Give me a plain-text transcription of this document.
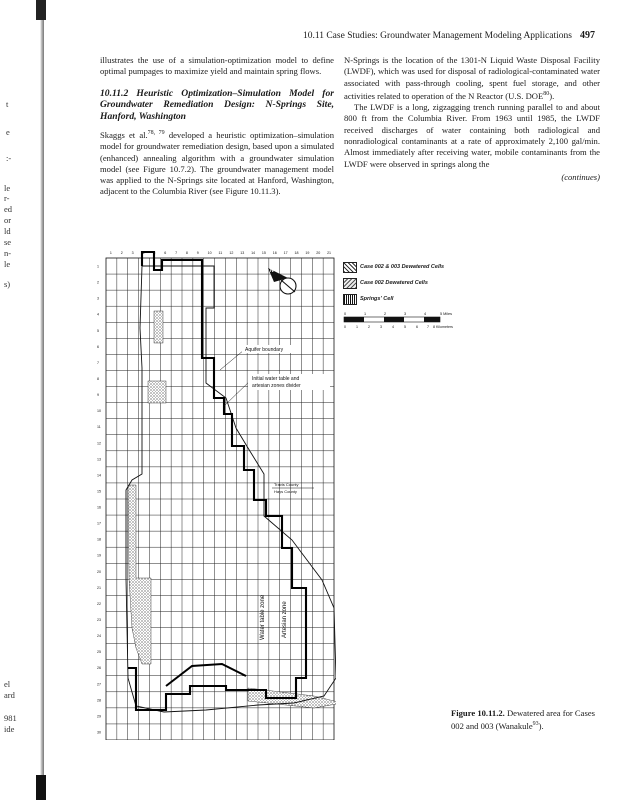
t
e
:-
le
r-
ed
or
ld
se
n-
le
s)
el
ard
981
ide
10.11 Case Studies: Groundwater Management Modeling Applications 497

illustrates the use of a simulation-optimization model to define optimal pumpages to maximize yield and maintain spring flows.

10.11.2 Heuristic Optimization–Simulation Model for Groundwater Remediation Design: N-Springs Site, Hanford, Washington

Skaggs et al.$^{78, 79}$ developed a heuristic optimization–simulation model for groundwater remediation design, based upon a simulated (enhanced) annealing algorithm with a groundwater simulation model (see Figure 10.7.2). The groundwater management model was applied to the N-Springs site located at Hanford, Washington, adjacent to the Columbia River (see Figure 10.11.3).

N-Springs is the location of the 1301-N Liquid Waste Disposal Facility (LWDF), which was used for disposal of radiological-contaminated water associated with pass-through cooling, spent fuel storage, and other activities related to operation of the N Reactor (U.S. DOE$^{80}$).

The LWDF is a long, zigzagging trench running parallel to and about 800 ft from the Columbia River. From 1963 until 1985, the LWDF received discharges of water containing both radiological and nonradiological contaminants at a rate of approximately 2,100 gal/min. Almost immediately after receiving water, mobile contaminants from the LWDF were observed in springs along the

(continues)

1 2 3 4 5 6 7 8 9 10 11 12 13 14 15 16 17 18 19 20 21
1
2
3
4
5
6
7
8
9
10
11
12
13
14
15
16
17
18
19
20
21
22
23
24
25
26
27
28
29
30
N
Aquifer boundary
Initial water table and
artesian zones divider
Travis County
Hays County
Water table zone	Artesian zone
Case 002 & 003 Dewatered Cells
Case 002 Dewatered Cells
Springs' Cell
0	1	2	3	4	5 Miles
0	1	2	3	4	5	6	7 8 Kilometers
Figure 10.11.2. Dewatered area for Cases 002 and 003 (Wanakule$^{93}$).
